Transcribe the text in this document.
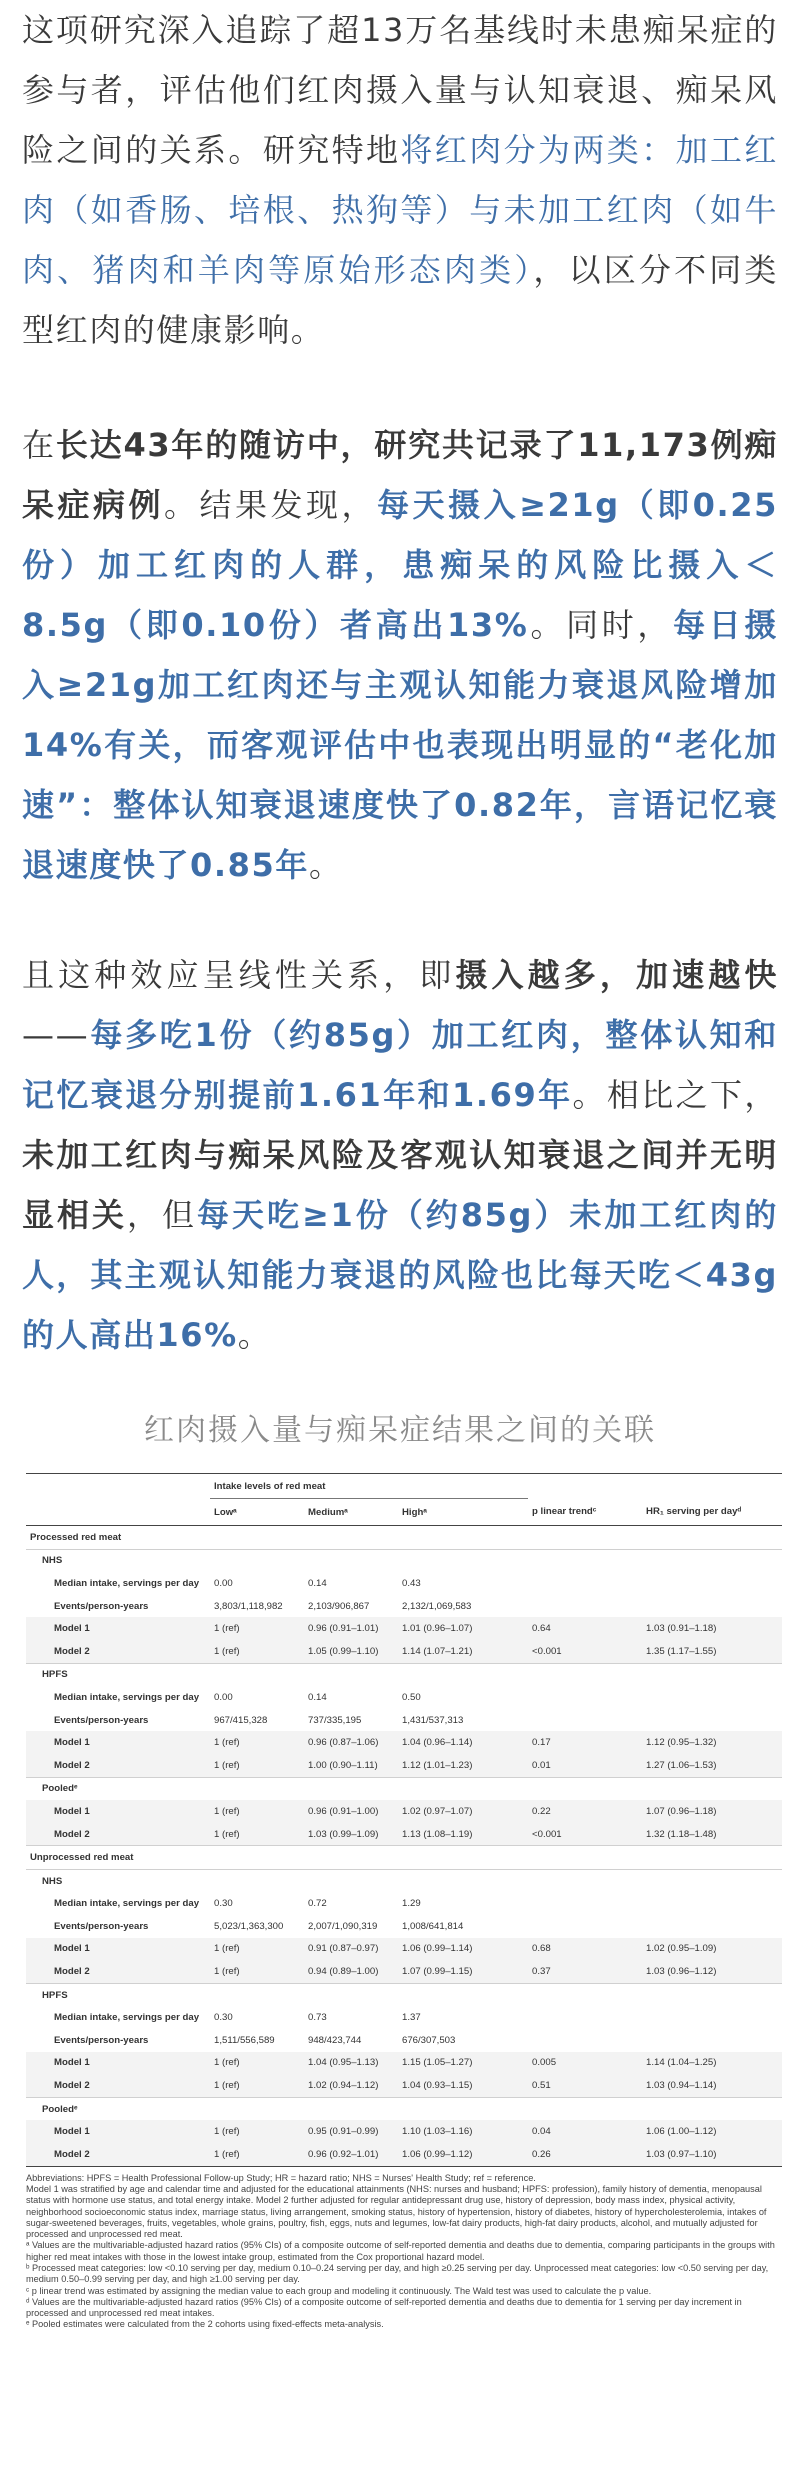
这项研究深入追踪了超13万名基线时未患痴呆症的参与者，评估他们红肉摄入量与认知衰退、痴呆风险之间的关系。研究特地将红肉分为两类：加工红肉（如香肠、培根、热狗等）与未加工红肉（如牛肉、猪肉和羊肉等原始形态肉类），以区分不同类型红肉的健康影响。

在长达43年的随访中，研究共记录了11,173例痴呆症病例。结果发现，每天摄入≥21g（即0.25份）加工红肉的人群，患痴呆的风险比摄入＜8.5g（即0.10份）者高出13%。同时，每日摄入≥21g加工红肉还与主观认知能力衰退风险增加14%有关，而客观评估中也表现出明显的“老化加速”：整体认知衰退速度快了0.82年，言语记忆衰退速度快了0.85年。

且这种效应呈线性关系，即摄入越多，加速越快——每多吃1份（约85g）加工红肉，整体认知和记忆衰退分别提前1.61年和1.69年。相比之下，未加工红肉与痴呆风险及客观认知衰退之间并无明显相关，但每天吃≥1份（约85g）未加工红肉的人，其主观认知能力衰退的风险也比每天吃＜43g的人高出16%。

红肉摄入量与痴呆症结果之间的关联
	Intake levels of red meat				
	Lowᵃ	Mediumᵃ	Highᵃ	p linear trendᶜ	HR₁ serving per dayᵈ
Processed red meat					
NHS					
Median intake, servings per day	0.00	0.14	0.43		
Events/person-years	3,803/1,118,982	2,103/906,867	2,132/1,069,583		
Model 1	1 (ref)	0.96 (0.91–1.01)	1.01 (0.96–1.07)	0.64	1.03 (0.91–1.18)
Model 2	1 (ref)	1.05 (0.99–1.10)	1.14 (1.07–1.21)	<0.001	1.35 (1.17–1.55)
HPFS					
Median intake, servings per day	0.00	0.14	0.50		
Events/person-years	967/415,328	737/335,195	1,431/537,313		
Model 1	1 (ref)	0.96 (0.87–1.06)	1.04 (0.96–1.14)	0.17	1.12 (0.95–1.32)
Model 2	1 (ref)	1.00 (0.90–1.11)	1.12 (1.01–1.23)	0.01	1.27 (1.06–1.53)
Pooledᵉ					
Model 1	1 (ref)	0.96 (0.91–1.00)	1.02 (0.97–1.07)	0.22	1.07 (0.96–1.18)
Model 2	1 (ref)	1.03 (0.99–1.09)	1.13 (1.08–1.19)	<0.001	1.32 (1.18–1.48)
Unprocessed red meat					
NHS					
Median intake, servings per day	0.30	0.72	1.29		
Events/person-years	5,023/1,363,300	2,007/1,090,319	1,008/641,814		
Model 1	1 (ref)	0.91 (0.87–0.97)	1.06 (0.99–1.14)	0.68	1.02 (0.95–1.09)
Model 2	1 (ref)	0.94 (0.89–1.00)	1.07 (0.99–1.15)	0.37	1.03 (0.96–1.12)
HPFS					
Median intake, servings per day	0.30	0.73	1.37		
Events/person-years	1,511/556,589	948/423,744	676/307,503		
Model 1	1 (ref)	1.04 (0.95–1.13)	1.15 (1.05–1.27)	0.005	1.14 (1.04–1.25)
Model 2	1 (ref)	1.02 (0.94–1.12)	1.04 (0.93–1.15)	0.51	1.03 (0.94–1.14)
Pooledᵉ					
Model 1	1 (ref)	0.95 (0.91–0.99)	1.10 (1.03–1.16)	0.04	1.06 (1.00–1.12)
Model 2	1 (ref)	0.96 (0.92–1.01)	1.06 (0.99–1.12)	0.26	1.03 (0.97–1.10)

Abbreviations: HPFS = Health Professional Follow-up Study; HR = hazard ratio; NHS = Nurses' Health Study; ref = reference.

Model 1 was stratified by age and calendar time and adjusted for the educational attainments (NHS: nurses and husband; HPFS: profession), family history of dementia, menopausal status with hormone use status, and total energy intake. Model 2 further adjusted for regular antidepressant drug use, history of depression, body mass index, physical activity, neighborhood socioeconomic status index, marriage status, living arrangement, smoking status, history of hypertension, history of diabetes, history of hypercholesterolemia, intakes of sugar-sweetened beverages, fruits, vegetables, whole grains, poultry, fish, eggs, nuts and legumes, low-fat dairy products, high-fat dairy products, alcohol, and mutually adjusted for processed and unprocessed red meat.

ᵃ Values are the multivariable-adjusted hazard ratios (95% CIs) of a composite outcome of self-reported dementia and deaths due to dementia, comparing participants in the groups with higher red meat intakes with those in the lowest intake group, estimated from the Cox proportional hazard model.

ᵇ Processed meat categories: low <0.10 serving per day, medium 0.10–0.24 serving per day, and high ≥0.25 serving per day. Unprocessed meat categories: low <0.50 serving per day, medium 0.50–0.99 serving per day, and high ≥1.00 serving per day.

ᶜ p linear trend was estimated by assigning the median value to each group and modeling it continuously. The Wald test was used to calculate the p value.

ᵈ Values are the multivariable-adjusted hazard ratios (95% CIs) of a composite outcome of self-reported dementia and deaths due to dementia for 1 serving per day increment in processed and unprocessed red meat intakes.

ᵉ Pooled estimates were calculated from the 2 cohorts using fixed-effects meta-analysis.
